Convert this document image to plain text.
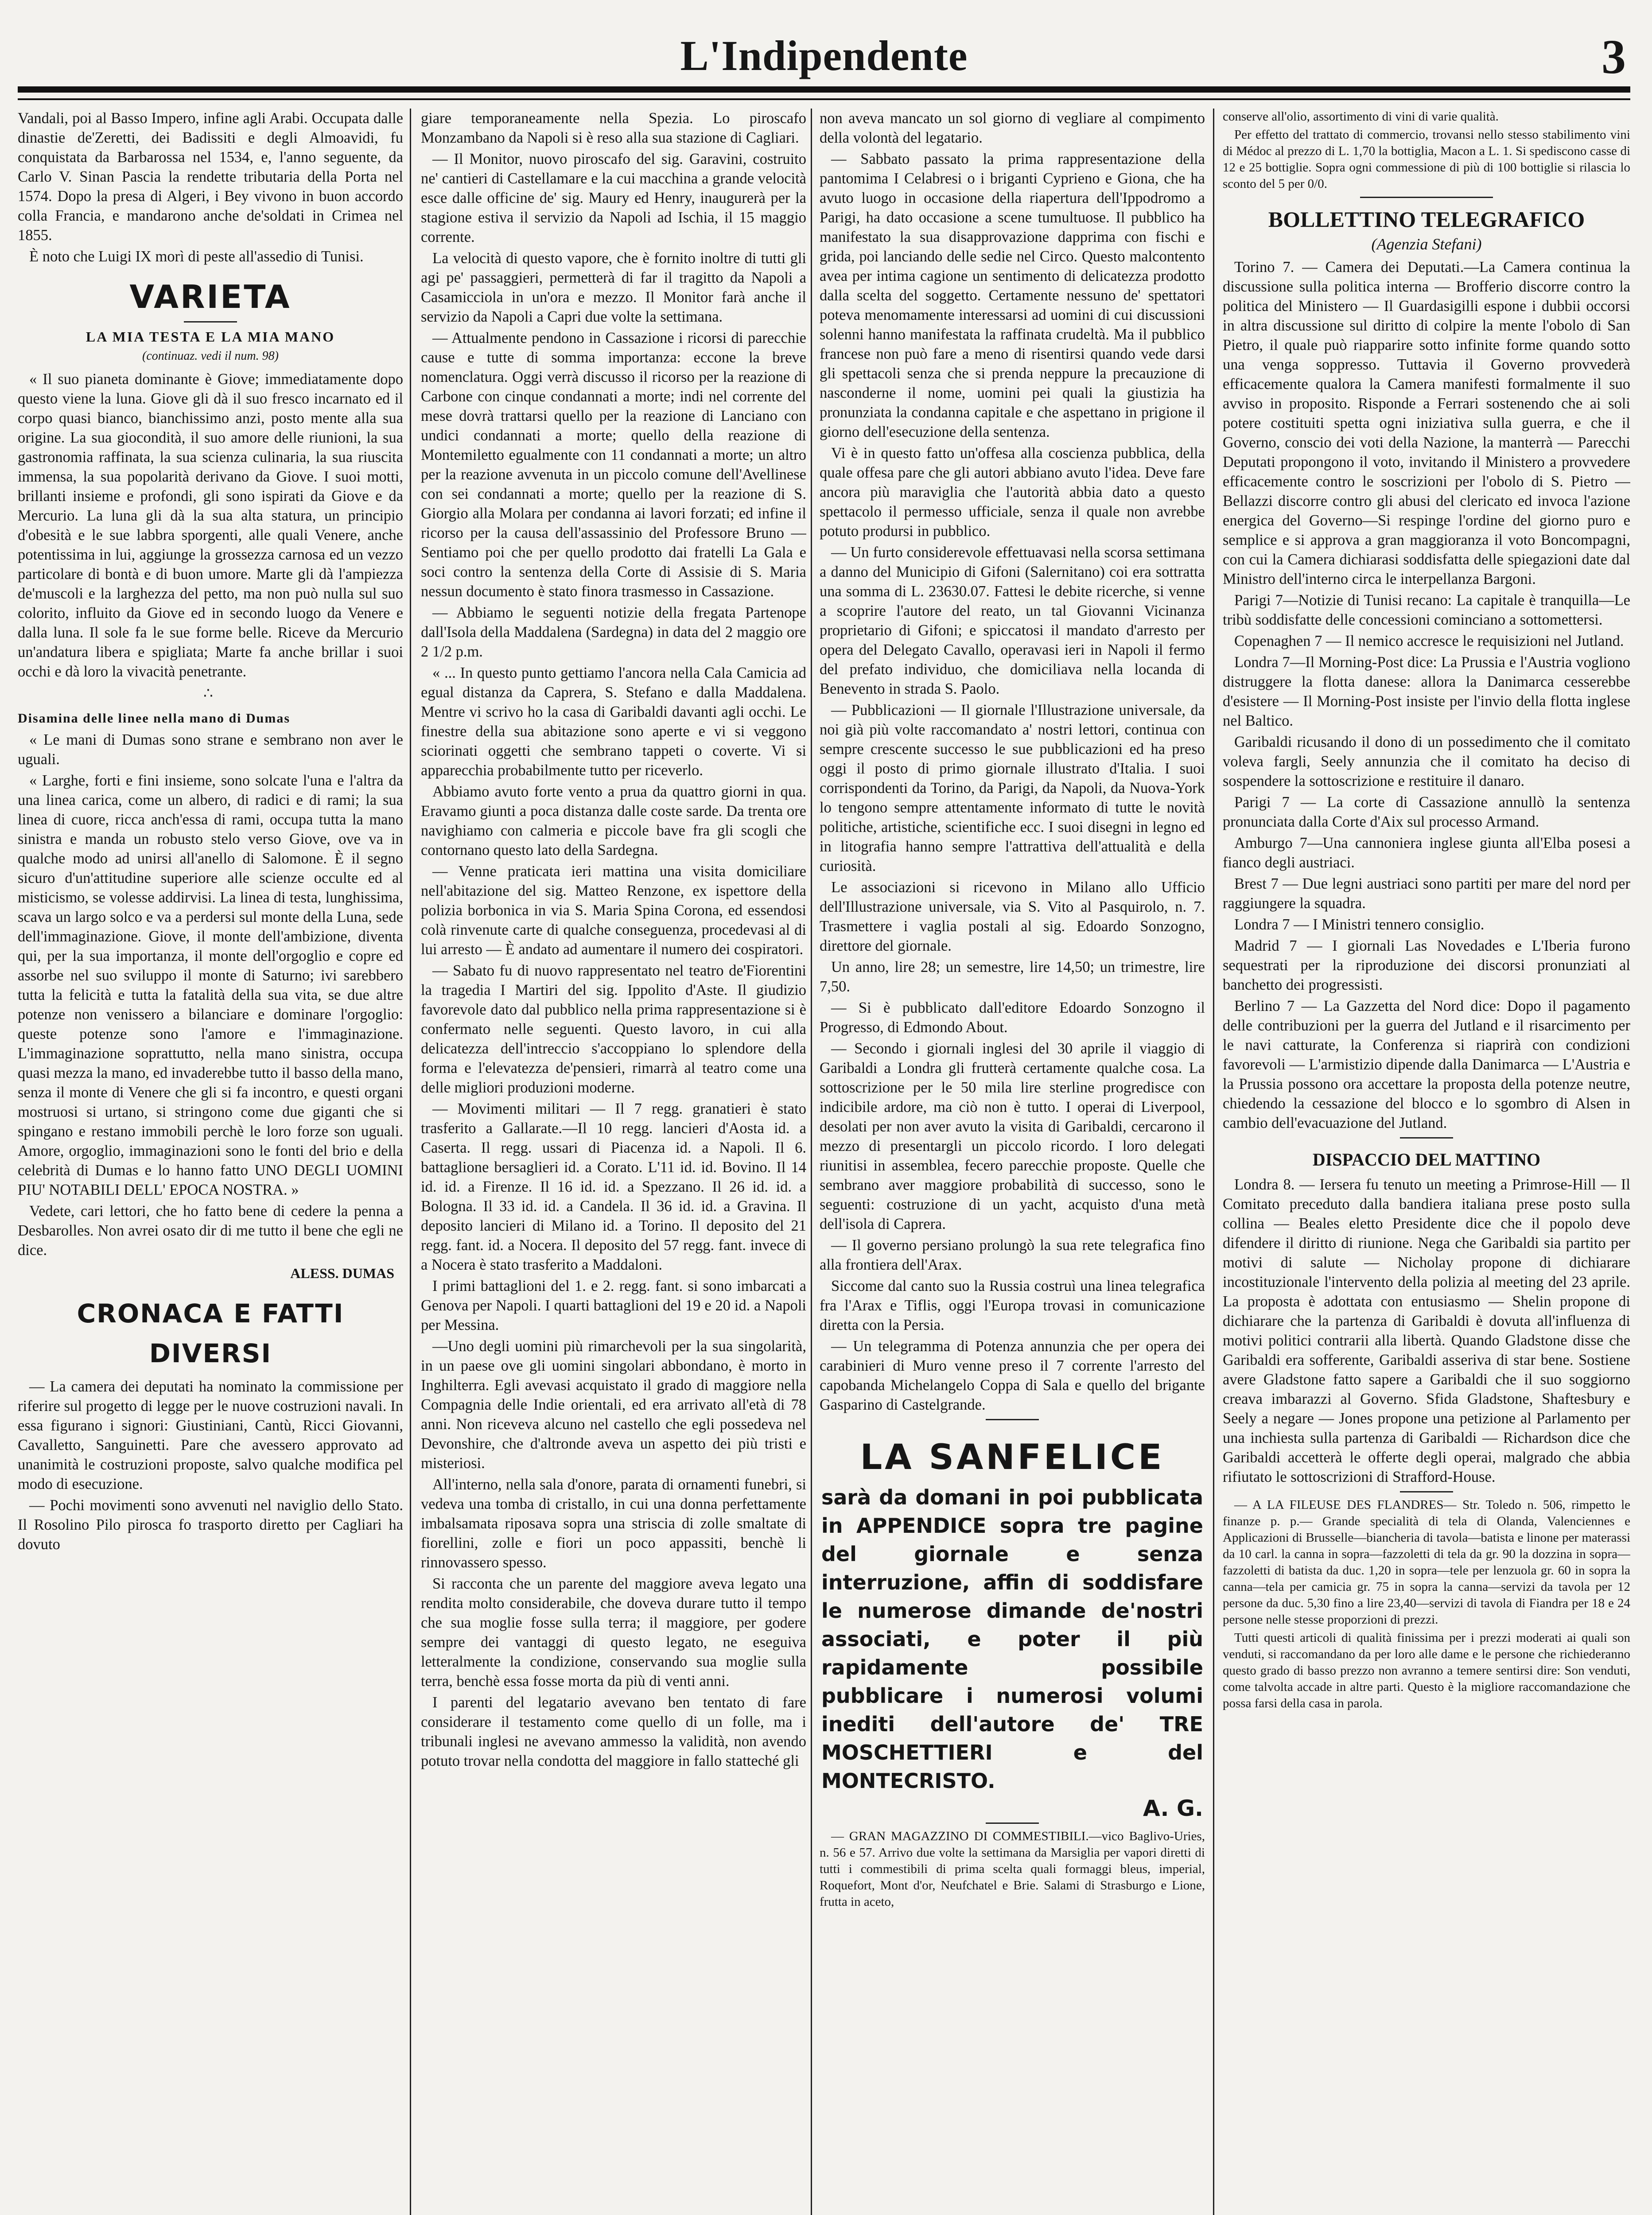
L'Indipendente	3

Vandali, poi al Basso Impero, infine agli Arabi. Occupata dalle dinastie de'Zeretti, dei Badissiti e degli Almoavidi, fu conquistata da Barbarossa nel 1534, e, l'anno seguente, da Carlo V. Sinan Pascia la rendette tributaria della Porta nel 1574. Dopo la presa di Algeri, i Bey vivono in buon accordo colla Francia, e mandarono anche de'soldati in Crimea nel 1855.

È noto che Luigi IX morì di peste all'assedio di Tunisi.

VARIETA
LA MIA TESTA E LA MIA MANO
(continuaz. vedi il num. 98)

« Il suo pianeta dominante è Giove; immediatamente dopo questo viene la luna. Giove gli dà il suo fresco incarnato ed il corpo quasi bianco, bianchissimo anzi, posto mente alla sua origine. La sua giocondità, il suo amore delle riunioni, la sua gastronomia raffinata, la sua scienza culinaria, la sua riuscita immensa, la sua popolarità derivano da Giove. I suoi motti, brillanti insieme e profondi, gli sono ispirati da Giove e da Mercurio. La luna gli dà la sua alta statura, un principio d'obesità e le sue labbra sporgenti, alle quali Venere, anche potentissima in lui, aggiunge la grossezza carnosa ed un vezzo particolare di bontà e di buon umore. Marte gli dà l'ampiezza de'muscoli e la larghezza del petto, ma non può nulla sul suo colorito, influito da Giove ed in secondo luogo da Venere e dalla luna. Il sole fa le sue forme belle. Riceve da Mercurio un'andatura libera e spigliata; Marte fa anche brillar i suoi occhi e dà loro la vivacità penetrante.

∴
Disamina delle linee nella mano di Dumas

« Le mani di Dumas sono strane e sembrano non aver le uguali.

« Larghe, forti e fini insieme, sono solcate l'una e l'altra da una linea carica, come un albero, di radici e di rami; la sua linea di cuore, ricca anch'essa di rami, occupa tutta la mano sinistra e manda un robusto stelo verso Giove, ove va in qualche modo ad unirsi all'anello di Salomone. È il segno sicuro d'un'attitudine superiore alle scienze occulte ed al misticismo, se volesse addirvisi. La linea di testa, lunghissima, scava un largo solco e va a perdersi sul monte della Luna, sede dell'immaginazione. Giove, il monte dell'ambizione, diventa qui, per la sua importanza, il monte dell'orgoglio e copre ed assorbe nel suo sviluppo il monte di Saturno; ivi sarebbero tutta la felicità e tutta la fatalità della sua vita, se due altre potenze non venissero a bilanciare e dominare l'orgoglio: queste potenze sono l'amore e l'immaginazione. L'immaginazione soprattutto, nella mano sinistra, occupa quasi mezza la mano, ed invaderebbe tutto il basso della mano, senza il monte di Venere che gli si fa incontro, e questi organi mostruosi si urtano, si stringono come due giganti che si spingano e restano immobili perchè le loro forze son uguali. Amore, orgoglio, immaginazioni sono le fonti del brio e della celebrità di Dumas e lo hanno fatto UNO DEGLI UOMINI PIU' NOTABILI DELL' EPOCA NOSTRA. »

Vedete, cari lettori, che ho fatto bene di cedere la penna a Desbarolles. Non avrei osato dir di me tutto il bene che egli ne dice.

ALESS. DUMAS
CRONACA E FATTI DIVERSI

— La camera dei deputati ha nominato la commissione per riferire sul progetto di legge per le nuove costruzioni navali. In essa figurano i signori: Giustiniani, Cantù, Ricci Giovanni, Cavalletto, Sanguinetti. Pare che avessero approvato ad unanimità le costruzioni proposte, salvo qualche modifica pel modo di esecuzione.

— Pochi movimenti sono avvenuti nel naviglio dello Stato. Il Rosolino Pilo pirosca fo trasporto diretto per Cagliari ha dovuto

giare temporaneamente nella Spezia. Lo piroscafo Monzambano da Napoli si è reso alla sua stazione di Cagliari.

— Il Monitor, nuovo piroscafo del sig. Garavini, costruito ne' cantieri di Castellamare e la cui macchina a grande velocità esce dalle officine de' sig. Maury ed Henry, inaugurerà per la stagione estiva il servizio da Napoli ad Ischia, il 15 maggio corrente.

La velocità di questo vapore, che è fornito inoltre di tutti gli agi pe' passaggieri, permetterà di far il tragitto da Napoli a Casamicciola in un'ora e mezzo. Il Monitor farà anche il servizio da Napoli a Capri due volte la settimana.

— Attualmente pendono in Cassazione i ricorsi di parecchie cause e tutte di somma importanza: eccone la breve nomenclatura. Oggi verrà discusso il ricorso per la reazione di Carbone con cinque condannati a morte; indi nel corrente del mese dovrà trattarsi quello per la reazione di Lanciano con undici condannati a morte; quello della reazione di Montemiletto egualmente con 11 condannati a morte; un altro per la reazione avvenuta in un piccolo comune dell'Avellinese con sei condannati a morte; quello per la reazione di S. Giorgio alla Molara per condanna ai lavori forzati; ed infine il ricorso per la causa dell'assassinio del Professore Bruno — Sentiamo poi che per quello prodotto dai fratelli La Gala e soci contro la sentenza della Corte di Assisie di S. Maria nessun documento è stato finora trasmesso in Cassazione.

— Abbiamo le seguenti notizie della fregata Partenope dall'Isola della Maddalena (Sardegna) in data del 2 maggio ore 2 1/2 p.m.

« ... In questo punto gettiamo l'ancora nella Cala Camicia ad egual distanza da Caprera, S. Stefano e dalla Maddalena. Mentre vi scrivo ho la casa di Garibaldi davanti agli occhi. Le finestre della sua abitazione sono aperte e vi si veggono sciorinati oggetti che sembrano tappeti o coverte. Vi si apparecchia probabilmente tutto per riceverlo.

Abbiamo avuto forte vento a prua da quattro giorni in qua. Eravamo giunti a poca distanza dalle coste sarde. Da trenta ore navighiamo con calmeria e piccole bave fra gli scogli che contornano questo lato della Sardegna.

— Venne praticata ieri mattina una visita domiciliare nell'abitazione del sig. Matteo Renzone, ex ispettore della polizia borbonica in via S. Maria Spina Corona, ed essendosi colà rinvenute carte di qualche conseguenza, procedevasi al di lui arresto — È andato ad aumentare il numero dei cospiratori.

— Sabato fu di nuovo rappresentato nel teatro de'Fiorentini la tragedia I Martiri del sig. Ippolito d'Aste. Il giudizio favorevole dato dal pubblico nella prima rappresentazione si è confermato nelle seguenti. Questo lavoro, in cui alla delicatezza dell'intreccio s'accoppiano lo splendore della forma e l'elevatezza de'pensieri, rimarrà al teatro come una delle migliori produzioni moderne.

— Movimenti militari — Il 7 regg. granatieri è stato trasferito a Gallarate.—Il 10 regg. lancieri d'Aosta id. a Caserta. Il regg. ussari di Piacenza id. a Napoli. Il 6. battaglione bersaglieri id. a Corato. L'11 id. id. Bovino. Il 14 id. id. a Firenze. Il 16 id. id. a Spezzano. Il 26 id. id. a Bologna. Il 33 id. id. a Candela. Il 36 id. id. a Gravina. Il deposito lancieri di Milano id. a Torino. Il deposito del 21 regg. fant. id. a Nocera. Il deposito del 57 regg. fant. invece di a Nocera è stato trasferito a Maddaloni.

I primi battaglioni del 1. e 2. regg. fant. si sono imbarcati a Genova per Napoli. I quarti battaglioni del 19 e 20 id. a Napoli per Messina.

—Uno degli uomini più rimarchevoli per la sua singolarità, in un paese ove gli uomini singolari abbondano, è morto in Inghilterra. Egli avevasi acquistato il grado di maggiore nella Compagnia delle Indie orientali, ed era arrivato all'età di 78 anni. Non riceveva alcuno nel castello che egli possedeva nel Devonshire, che d'altronde aveva un aspetto dei più tristi e misteriosi.

All'interno, nella sala d'onore, parata di ornamenti funebri, si vedeva una tomba di cristallo, in cui una donna perfettamente imbalsamata riposava sopra una striscia di zolle smaltate di fiorellini, zolle e fiori un poco appassiti, benchè li rinnovassero spesso.

Si racconta che un parente del maggiore aveva legato una rendita molto considerabile, che doveva durare tutto il tempo che sua moglie fosse sulla terra; il maggiore, per godere sempre dei vantaggi di questo legato, ne eseguiva letteralmente la condizione, conservando sua moglie sulla terra, benchè essa fosse morta da più di venti anni.

I parenti del legatario avevano ben tentato di fare considerare il testamento come quello di un folle, ma i tribunali inglesi ne avevano ammesso la validità, non avendo potuto trovar nella condotta del maggiore in fallo statteché gli

non aveva mancato un sol giorno di vegliare al compimento della volontà del legatario.

— Sabbato passato la prima rappresentazione della pantomima I Celabresi o i briganti Cyprieno e Giona, che ha avuto luogo in occasione della riapertura dell'Ippodromo a Parigi, ha dato occasione a scene tumultuose. Il pubblico ha manifestato la sua disapprovazione dapprima con fischi e grida, poi lanciando delle sedie nel Circo. Questo malcontento avea per intima cagione un sentimento di delicatezza prodotto dalla scelta del soggetto. Certamente nessuno de' spettatori poteva menomamente interessarsi ad uomini di cui discussioni solenni hanno manifestata la raffinata crudeltà. Ma il pubblico francese non può fare a meno di risentirsi quando vede darsi gli spettacoli senza che si prenda neppure la precauzione di nasconderne il nome, uomini pei quali la giustizia ha pronunziata la condanna capitale e che aspettano in prigione il giorno dell'esecuzione della sentenza.

Vi è in questo fatto un'offesa alla coscienza pubblica, della quale offesa pare che gli autori abbiano avuto l'idea. Deve fare ancora più maraviglia che l'autorità abbia dato a questo spettacolo il permesso ufficiale, senza il quale non avrebbe potuto prodursi in pubblico.

— Un furto considerevole effettuavasi nella scorsa settimana a danno del Municipio di Gifoni (Salernitano) coi era sottratta una somma di L. 23630.07. Fattesi le debite ricerche, si venne a scoprire l'autore del reato, un tal Giovanni Vicinanza proprietario di Gifoni; e spiccatosi il mandato d'arresto per opera del Delegato Cavallo, operavasi ieri in Napoli il fermo del prefato individuo, che domiciliava nella locanda di Benevento in strada S. Paolo.

— Pubblicazioni — Il giornale l'Illustrazione universale, da noi già più volte raccomandato a' nostri lettori, continua con sempre crescente successo le sue pubblicazioni ed ha preso oggi il posto di primo giornale illustrato d'Italia. I suoi corrispondenti da Torino, da Parigi, da Napoli, da Nuova-York lo tengono sempre attentamente informato di tutte le novità politiche, artistiche, scientifiche ecc. I suoi disegni in legno ed in litografia hanno sempre l'attrattiva dell'attualità e della curiosità.

Le associazioni si ricevono in Milano allo Ufficio dell'Illustrazione universale, via S. Vito al Pasquirolo, n. 7. Trasmettere i vaglia postali al sig. Edoardo Sonzogno, direttore del giornale.

Un anno, lire 28; un semestre, lire 14,50; un trimestre, lire 7,50.

— Si è pubblicato dall'editore Edoardo Sonzogno il Progresso, di Edmondo About.

— Secondo i giornali inglesi del 30 aprile il viaggio di Garibaldi a Londra gli frutterà certamente qualche cosa. La sottoscrizione per le 50 mila lire sterline progredisce con indicibile ardore, ma ciò non è tutto. I operai di Liverpool, desolati per non aver avuto la visita di Garibaldi, cercarono il mezzo di presentargli un piccolo ricordo. I loro delegati riunitisi in assemblea, fecero parecchie proposte. Quelle che sembrano aver maggiore probabilità di successo, sono le seguenti: costruzione di un yacht, acquisto d'una metà dell'isola di Caprera.

— Il governo persiano prolungò la sua rete telegrafica fino alla frontiera dell'Arax.

Siccome dal canto suo la Russia costruì una linea telegrafica fra l'Arax e Tiflis, oggi l'Europa trovasi in comunicazione diretta con la Persia.

— Un telegramma di Potenza annunzia che per opera dei carabinieri di Muro venne preso il 7 corrente l'arresto del capobanda Michelangelo Coppa di Sala e quello del brigante Gasparino di Castelgrande.

LA SANFELICE
sarà da domani in poi pubblicata in APPENDICE sopra tre pagine del giornale e senza interruzione, affin di soddisfare le numerose dimande de'nostri associati, e poter il più rapidamente possibile pubblicare i numerosi volumi inediti dell'autore de' TRE MOSCHETTIERI e del MONTECRISTO.
A. G.

— GRAN MAGAZZINO DI COMMESTIBILI.—vico Baglivo-Uries, n. 56 e 57. Arrivo due volte la settimana da Marsiglia per vapori diretti di tutti i commestibili di prima scelta quali formaggi bleus, imperial, Roquefort, Mont d'or, Neufchatel e Brie. Salami di Strasburgo e Lione, frutta in aceto,

conserve all'olio, assortimento di vini di varie qualità.

Per effetto del trattato di commercio, trovansi nello stesso stabilimento vini di Médoc al prezzo di L. 1,70 la bottiglia, Macon a L. 1. Si spediscono casse di 12 e 25 bottiglie. Sopra ogni commessione di più di 100 bottiglie si rilascia lo sconto del 5 per 0/0.

BOLLETTINO TELEGRAFICO
(Agenzia Stefani)

Torino 7. — Camera dei Deputati.—La Camera continua la discussione sulla politica interna — Brofferio discorre contro la politica del Ministero — Il Guardasigilli espone i dubbii occorsi in altra discussione sul diritto di colpire la mente l'obolo di San Pietro, il quale può riapparire sotto infinite forme quando sotto una venga soppresso. Tuttavia il Governo provvederà efficacemente qualora la Camera manifesti formalmente il suo avviso in proposito. Risponde a Ferrari sostenendo che ai soli potere costituiti spetta ogni iniziativa sulla guerra, e che il Governo, conscio dei voti della Nazione, la manterrà — Parecchi Deputati propongono il voto, invitando il Ministero a provvedere efficacemente contro le soscrizioni per l'obolo di S. Pietro — Bellazzi discorre contro gli abusi del clericato ed invoca l'azione energica del Governo—Si respinge l'ordine del giorno puro e semplice e si approva a gran maggioranza il voto Boncompagni, con cui la Camera dichiarasi soddisfatta delle spiegazioni date dal Ministro dell'interno circa le interpellanza Bargoni.

Parigi 7—Notizie di Tunisi recano: La capitale è tranquilla—Le tribù soddisfatte delle concessioni cominciano a sottomettersi.

Copenaghen 7 — Il nemico accresce le requisizioni nel Jutland.

Londra 7—Il Morning-Post dice: La Prussia e l'Austria vogliono distruggere la flotta danese: allora la Danimarca cesserebbe d'esistere — Il Morning-Post insiste per l'invio della flotta inglese nel Baltico.

Garibaldi ricusando il dono di un possedimento che il comitato voleva fargli, Seely annunzia che il comitato ha deciso di sospendere la sottoscrizione e restituire il danaro.

Parigi 7 — La corte di Cassazione annullò la sentenza pronunciata dalla Corte d'Aix sul processo Armand.

Amburgo 7—Una cannoniera inglese giunta all'Elba posesi a fianco degli austriaci.

Brest 7 — Due legni austriaci sono partiti per mare del nord per raggiungere la squadra.

Londra 7 — I Ministri tennero consiglio.

Madrid 7 — I giornali Las Novedades e L'Iberia furono sequestrati per la riproduzione dei discorsi pronunziati al banchetto dei progressisti.

Berlino 7 — La Gazzetta del Nord dice: Dopo il pagamento delle contribuzioni per la guerra del Jutland e il risarcimento per le navi catturate, la Conferenza si riaprirà con condizioni favorevoli — L'armistizio dipende dalla Danimarca — L'Austria e la Prussia possono ora accettare la proposta della potenze neutre, chiedendo la cessazione del blocco e lo sgombro di Alsen in cambio dell'evacuazione del Jutland.

DISPACCIO DEL MATTINO

Londra 8. — Iersera fu tenuto un meeting a Primrose-Hill — Il Comitato preceduto dalla bandiera italiana prese posto sulla collina — Beales eletto Presidente dice che il popolo deve difendere il diritto di riunione. Nega che Garibaldi sia partito per motivi di salute — Nicholay propone di dichiarare incostituzionale l'intervento della polizia al meeting del 23 aprile. La proposta è adottata con entusiasmo — Shelin propone di dichiarare che la partenza di Garibaldi è dovuta all'influenza di motivi politici contrarii alla libertà. Quando Gladstone disse che Garibaldi era sofferente, Garibaldi asseriva di star bene. Sostiene avere Gladstone fatto sapere a Garibaldi che il suo soggiorno creava imbarazzi al Governo. Sfida Gladstone, Shaftesbury e Seely a negare — Jones propone una petizione al Parlamento per una inchiesta sulla partenza di Garibaldi — Richardson dice che Garibaldi accetterà le offerte degli operai, malgrado che abbia rifiutato le sottoscrizioni di Strafford-House.

— A LA FILEUSE DES FLANDRES— Str. Toledo n. 506, rimpetto le finanze p. p.— Grande specialità di tela di Olanda, Valenciennes e Applicazioni di Brusselle—biancheria di tavola—batista e linone per materassi da 10 carl. la canna in sopra—fazzoletti di tela da gr. 90 la dozzina in sopra—fazzoletti di batista da duc. 1,20 in sopra—tele per lenzuola gr. 60 in sopra la canna—tela per camicia gr. 75 in sopra la canna—servizi da tavola per 12 persone da duc. 5,30 fino a lire 23,40—servizi di tavola di Fiandra per 18 e 24 persone nelle stesse proporzioni di prezzi.

Tutti questi articoli di qualità finissima per i prezzi moderati ai quali son venduti, si raccomandano da per loro alle dame e le persone che richiederanno questo grado di basso prezzo non avranno a temere sentirsi dire: Son venduti, come talvolta accade in altre parti. Questo è la migliore raccomandazione che possa farsi della casa in parola.
